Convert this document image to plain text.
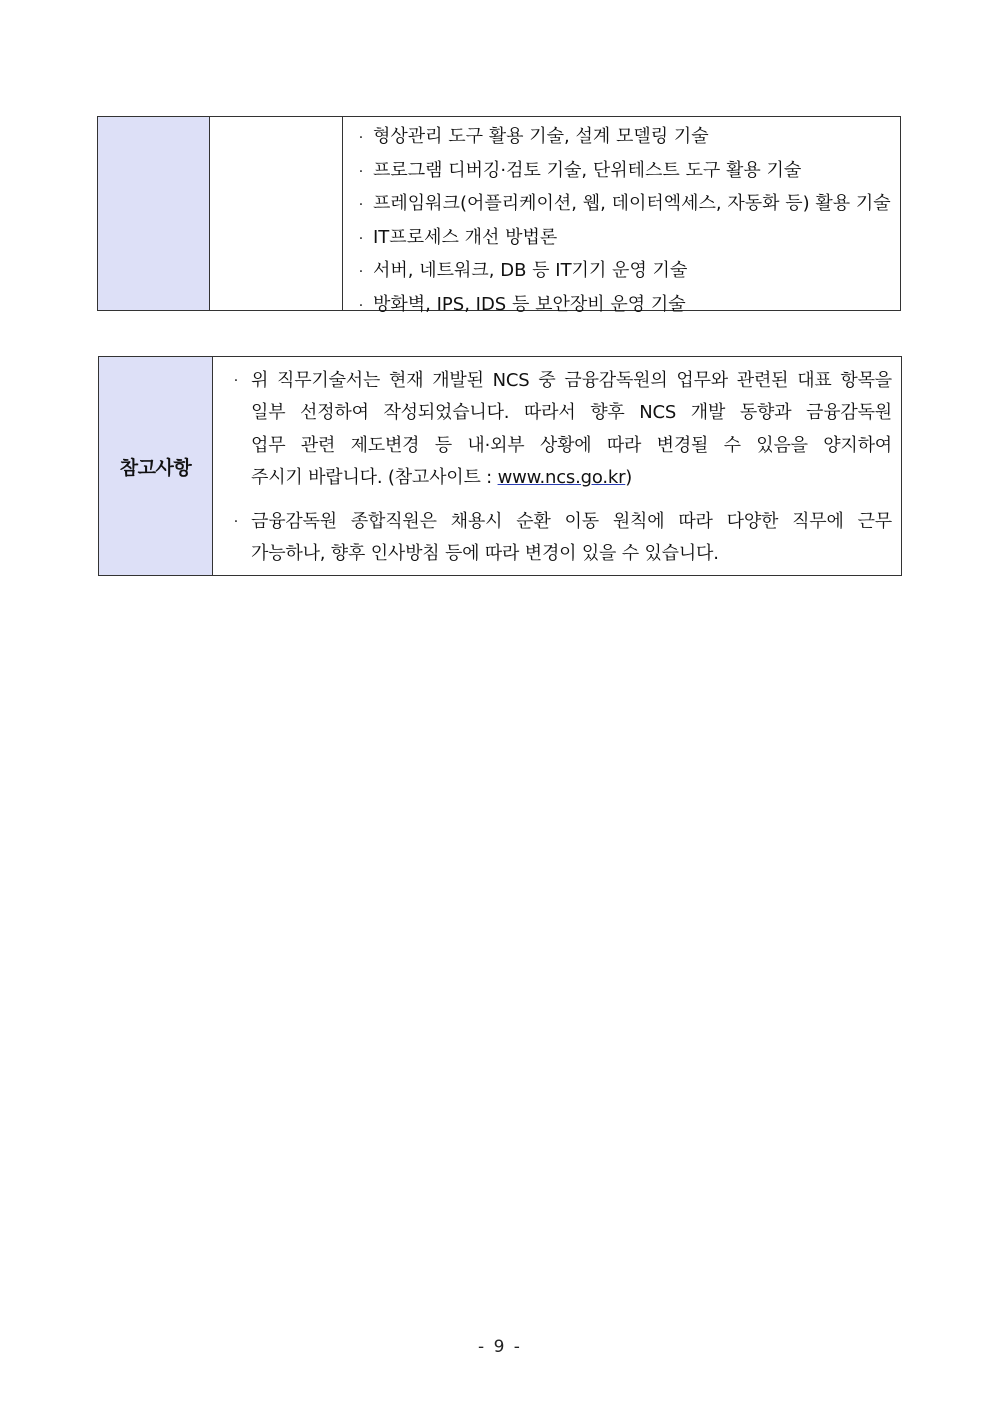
· 형상관리 도구 활용 기술, 설계 모델링 기술
· 프로그램 디버깅·검토 기술, 단위테스트 도구 활용 기술
· 프레임워크(어플리케이션, 웹, 데이터엑세스, 자동화 등) 활용 기술
· IT프로세스 개선 방법론
· 서버, 네트워크, DB 등 IT기기 운영 기술
· 방화벽, IPS, IDS 등 보안장비 운영 기술
참고사항
· 위 직무기술서는 현재 개발된 NCS 중 금융감독원의 업무와 관련된 대표 항목을
일부 선정하여 작성되었습니다. 따라서 향후 NCS 개발 동향과 금융감독원
업무 관련 제도변경 등 내·외부 상황에 따라 변경될 수 있음을 양지하여
주시기 바랍니다. (참고사이트 : www.ncs.go.kr)
· 금융감독원 종합직원은 채용시 순환 이동 원칙에 따라 다양한 직무에 근무
가능하나, 향후 인사방침 등에 따라 변경이 있을 수 있습니다.
- 9 -
